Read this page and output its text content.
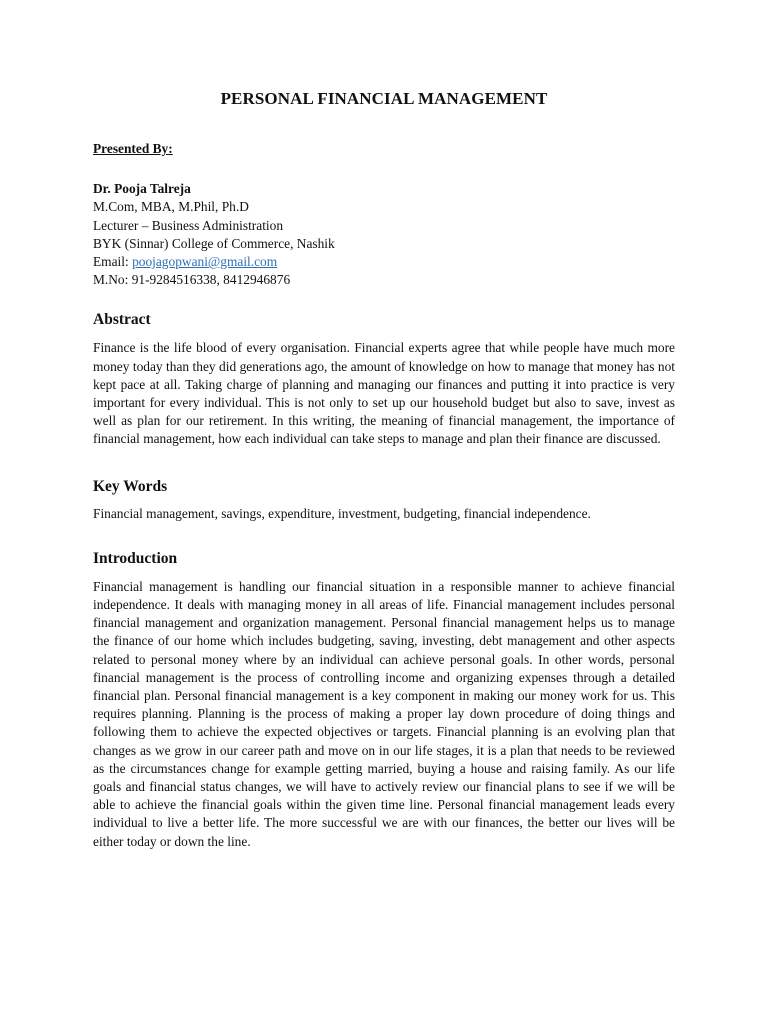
PERSONAL FINANCIAL MANAGEMENT

Presented By:

Dr. Pooja Talreja

M.Com, MBA, M.Phil, Ph.D

Lecturer – Business Administration

BYK (Sinnar) College of Commerce, Nashik

Email: poojagopwani@gmail.com

M.No: 91-9284516338, 8412946876

Abstract

Finance is the life blood of every organisation. Financial experts agree that while people have much more money today than they did generations ago, the amount of knowledge on how to manage that money has not kept pace at all. Taking charge of planning and managing our finances and putting it into practice is very important for every individual. This is not only to set up our household budget but also to save, invest as well as plan for our retirement. In this writing, the meaning of financial management, the importance of financial management, how each individual can take steps to manage and plan their finance are discussed.

Key Words

Financial management, savings, expenditure, investment, budgeting, financial independence.

Introduction

Financial management is handling our financial situation in a responsible manner to achieve financial independence. It deals with managing money in all areas of life. Financial management includes personal financial management and organization management. Personal financial management helps us to manage the finance of our home which includes budgeting, saving, investing, debt management and other aspects related to personal money where by an individual can achieve personal goals. In other words, personal financial management is the process of controlling income and organizing expenses through a detailed financial plan. Personal financial management is a key component in making our money work for us. This requires planning. Planning is the process of making a proper lay down procedure of doing things and following them to achieve the expected objectives or targets. Financial planning is an evolving plan that changes as we grow in our career path and move on in our life stages, it is a plan that needs to be reviewed as the circumstances change for example getting married, buying a house and raising family. As our life goals and financial status changes, we will have to actively review our financial plans to see if we will be able to achieve the financial goals within the given time line. Personal financial management leads every individual to live a better life. The more successful we are with our finances, the better our lives will be either today or down the line.
